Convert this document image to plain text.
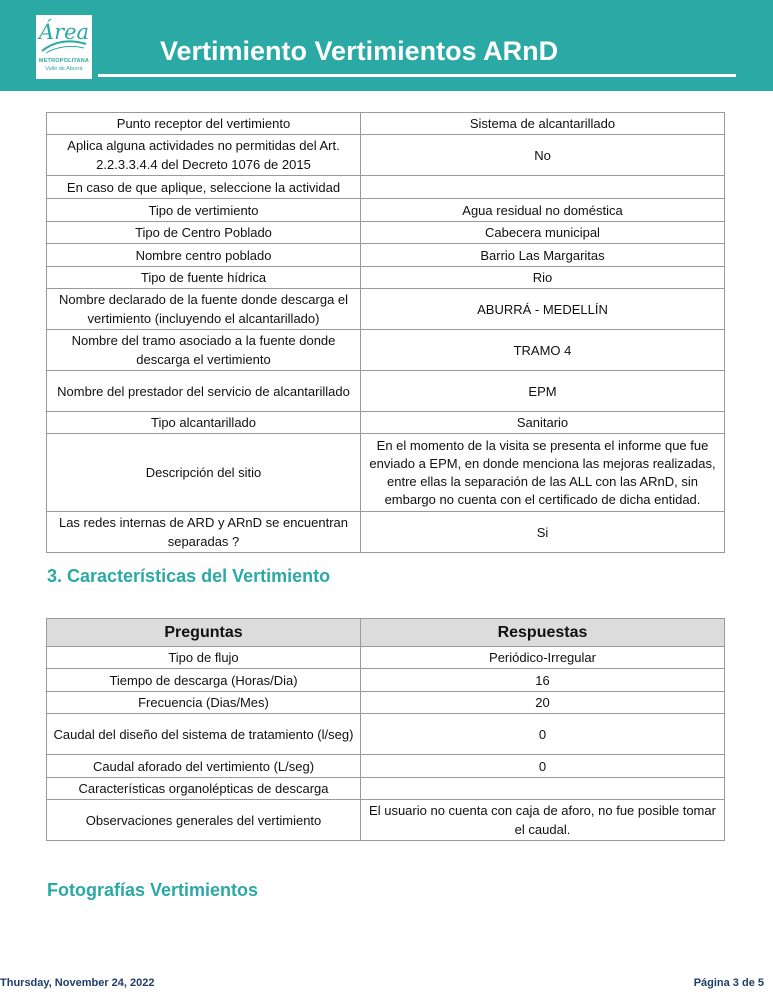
Área
METROPOLITANA
Valle de Aburrá
Vertimiento Vertimientos ARnD
Punto receptor del vertimiento	Sistema de alcantarillado
Aplica alguna actividades no permitidas del Art. 2.2.3.3.4.4 del Decreto 1076 de 2015	No
En caso de que aplique, seleccione la actividad	
Tipo de vertimiento	Agua residual no doméstica
Tipo de Centro Poblado	Cabecera municipal
Nombre centro poblado	Barrio Las Margaritas
Tipo de fuente hídrica	Rio
Nombre declarado de la fuente donde descarga el vertimiento (incluyendo el alcantarillado)	ABURRÁ - MEDELLÍN
Nombre del tramo asociado a la fuente donde descarga el vertimiento	TRAMO 4
Nombre del prestador del servicio de alcantarillado	EPM
Tipo alcantarillado	Sanitario
Descripción del sitio	En el momento de la visita se presenta el informe que fue enviado a EPM, en donde menciona las mejoras realizadas, entre ellas la separación de las ALL con las ARnD, sin embargo no cuenta con el certificado de dicha entidad.
Las redes internas de ARD y ARnD se encuentran separadas ?	Si
3. Características del Vertimiento
Preguntas	Respuestas
Tipo de flujo	Periódico-Irregular
Tiempo de descarga (Horas/Dia)	16
Frecuencia (Dias/Mes)	20
Caudal del diseño del sistema de tratamiento (l/seg)	0
Caudal aforado del vertimiento (L/seg)	0
Características organolépticas de descarga	
Observaciones generales del vertimiento	El usuario no cuenta con caja de aforo, no fue posible tomar el caudal.
Fotografías Vertimientos
Thursday, November 24, 2022	Página 3 de 5
